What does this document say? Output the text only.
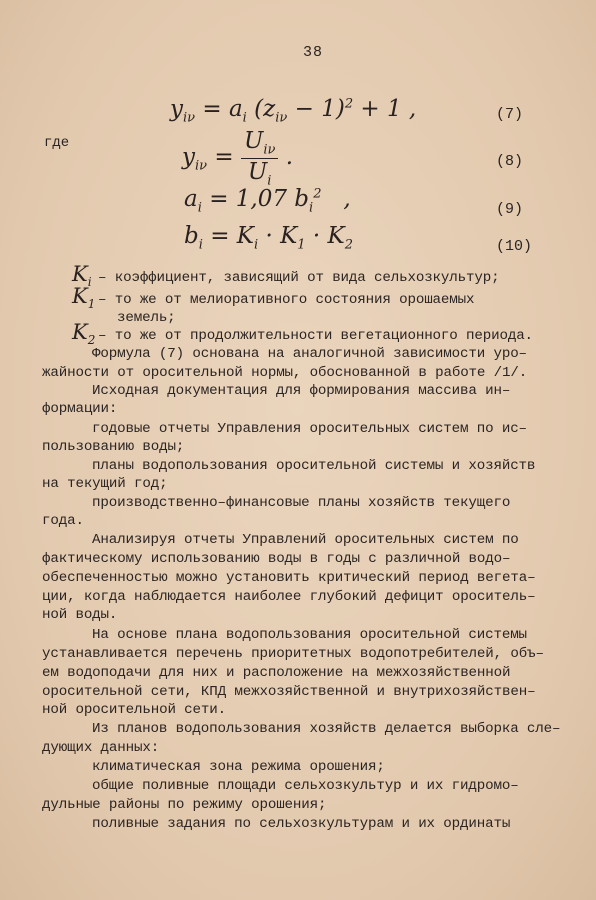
38
$y_{i\nu} = a_i$ $(z_{i\nu} - 1)^2 + 1$ ,	(7)
где
$y_{i\nu} = \frac{U_{i\nu}}{U_i}$ .	(8)
$a_i = 1,07$ $b_i^2$   ,	(9)
$b_i = K_i \cdot K_1 \cdot K_2$	(10)
$K_i$ – коэффициент, зависящий от вида сельхозкультур;
$K_1$ – то же от мелиоративного состояния орошаемых
земель;
$K_2$ – то же от продолжительности вегетационного периода.
Формула (7) основана на аналогичной зависимости уро–
жайности от оросительной нормы, обоснованной в работе /1/.
Исходная документация для формирования массива ин–
формации:
годовые отчеты Управления оросительных систем по ис–
пользованию воды;
планы водопользования оросительной системы и хозяйств
на текущий год;
производственно–финансовые планы хозяйств текущего
года.
Анализируя отчеты Управлений оросительных систем по
фактическому использованию воды в годы с различной водо–
обеспеченностью можно установить критический период вегета–
ции, когда наблюдается наиболее глубокий дефицит ороситель–
ной воды.
На основе плана водопользования оросительной системы
устанавливается перечень приоритетных водопотребителей, объ–
ем водоподачи для них и расположение на межхозяйственной
оросительной сети, КПД межхозяйственной и внутрихозяйствен–
ной оросительной сети.
Из планов водопользования хозяйств делается выборка сле–
дующих данных:
климатическая зона режима орошения;
общие поливные площади сельхозкультур и их гидромо–
дульные районы по режиму орошения;
поливные задания по сельхозкультурам и их ординаты
